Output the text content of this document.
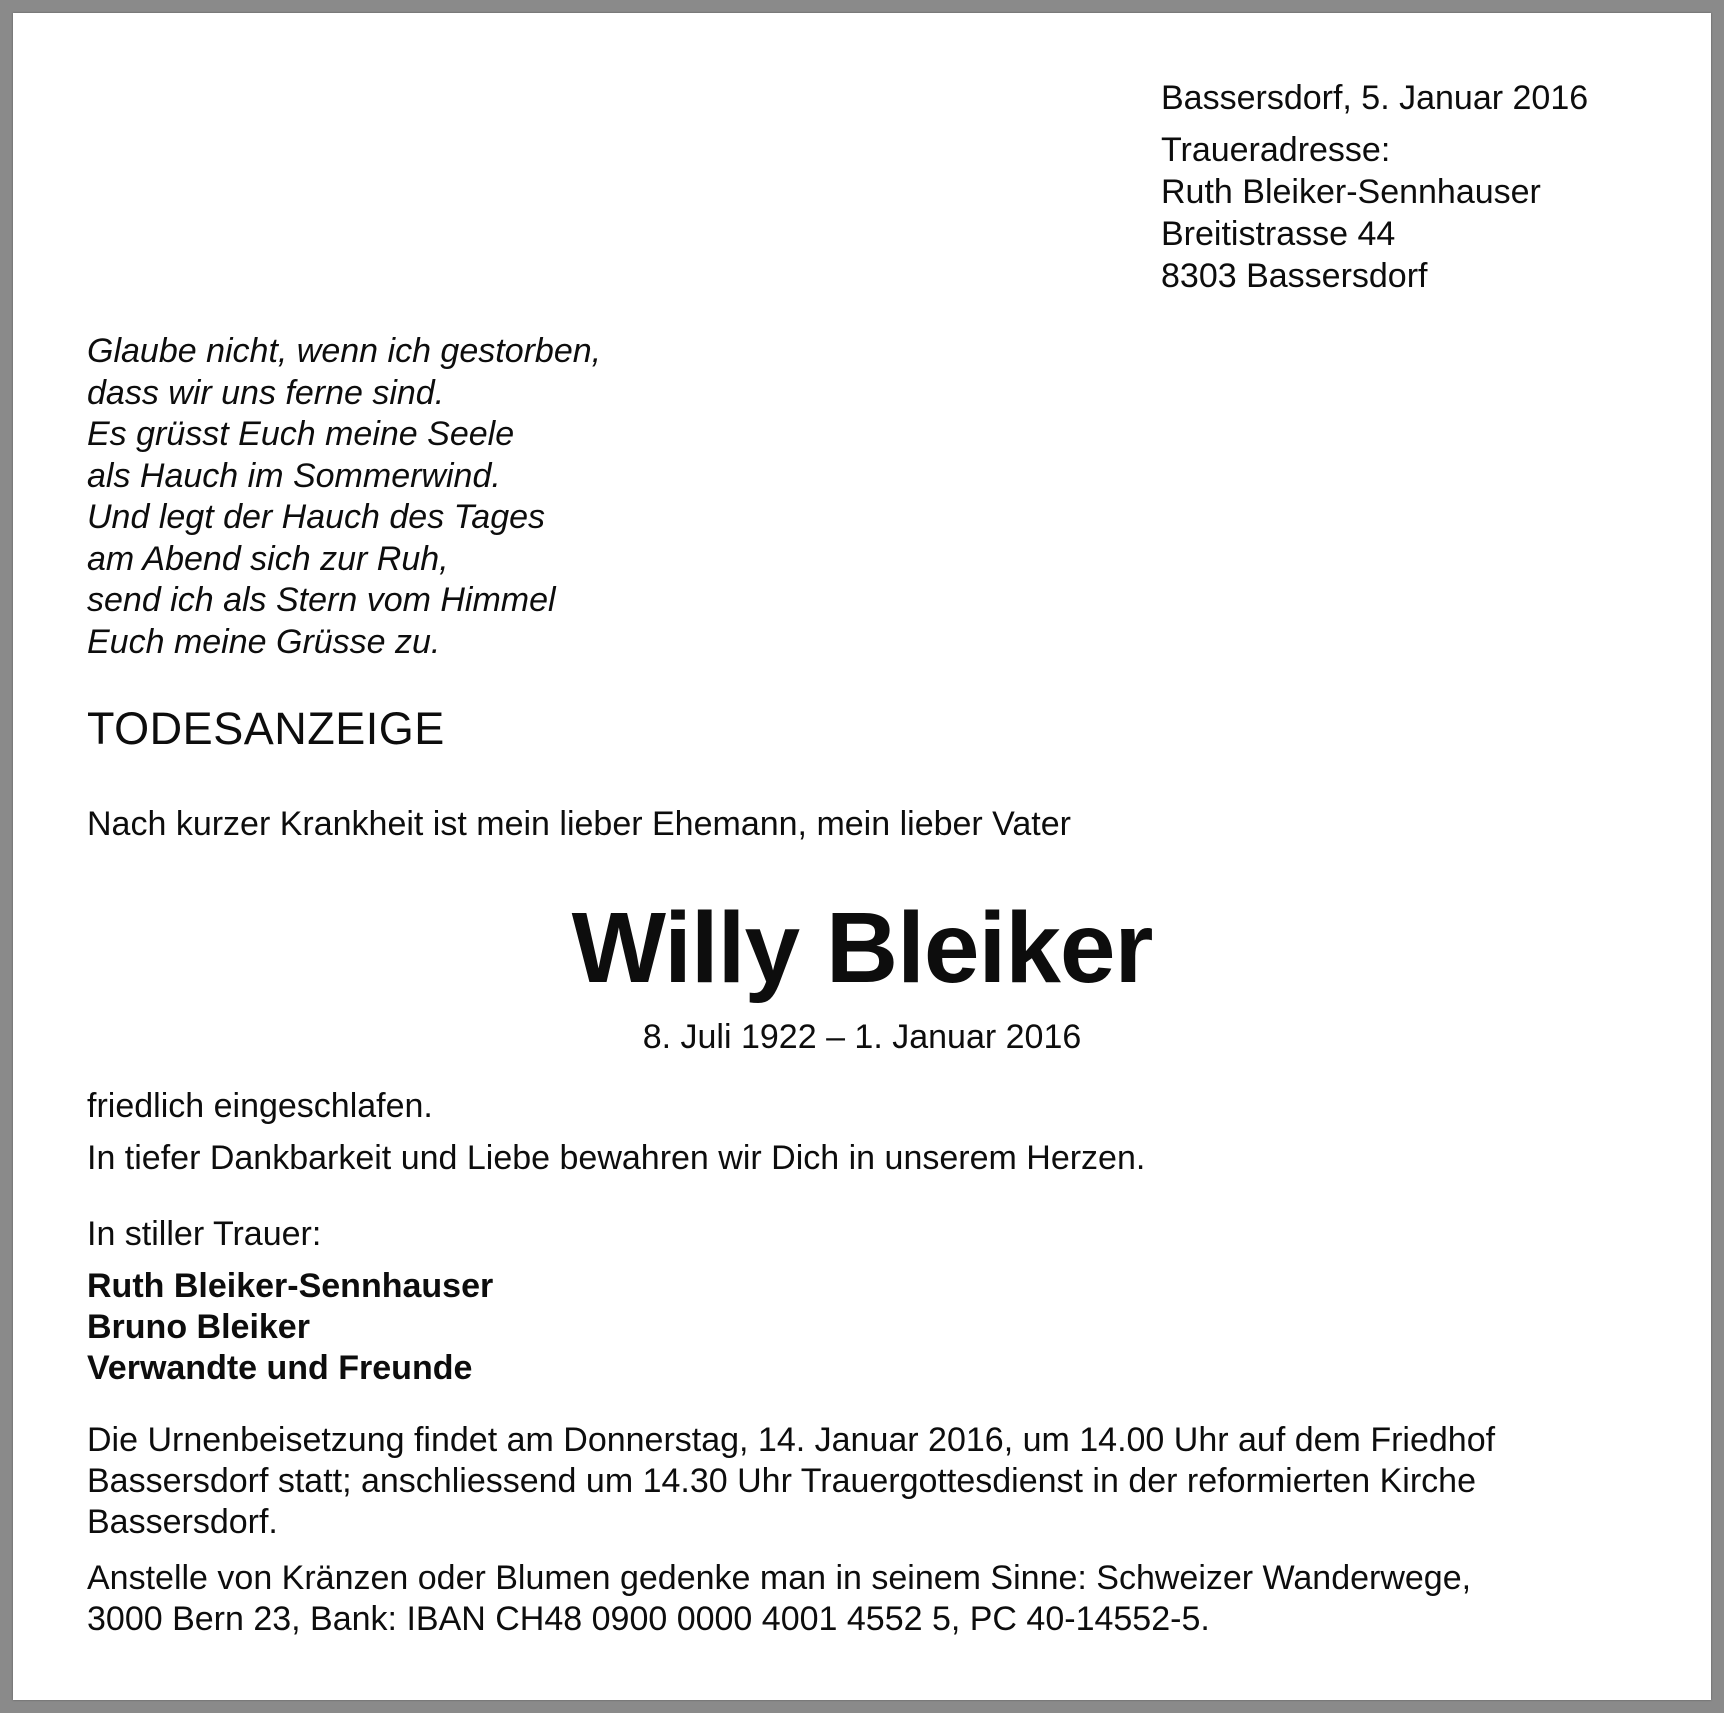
Bassersdorf, 5. Januar 2016
Traueradresse:
Ruth Bleiker-Sennhauser
Breitistrasse 44
8303 Bassersdorf
Glaube nicht, wenn ich gestorben,
dass wir uns ferne sind.
Es grüsst Euch meine Seele
als Hauch im Sommerwind.
Und legt der Hauch des Tages
am Abend sich zur Ruh,
send ich als Stern vom Himmel
Euch meine Grüsse zu.
TODESANZEIGE
Nach kurzer Krankheit ist mein lieber Ehemann, mein lieber Vater
Willy Bleiker
8. Juli 1922 – 1. Januar 2016
friedlich eingeschlafen.
In tiefer Dankbarkeit und Liebe bewahren wir Dich in unserem Herzen.
In stiller Trauer:
Ruth Bleiker-Sennhauser
Bruno Bleiker
Verwandte und Freunde
Die Urnenbeisetzung findet am Donnerstag, 14. Januar 2016, um 14.00 Uhr auf dem Friedhof
Bassersdorf statt; anschliessend um 14.30 Uhr Trauergottesdienst in der reformierten Kirche
Bassersdorf.
Anstelle von Kränzen oder Blumen gedenke man in seinem Sinne: Schweizer Wanderwege,
3000 Bern 23, Bank: IBAN CH48 0900 0000 4001 4552 5, PC 40-14552-5.
